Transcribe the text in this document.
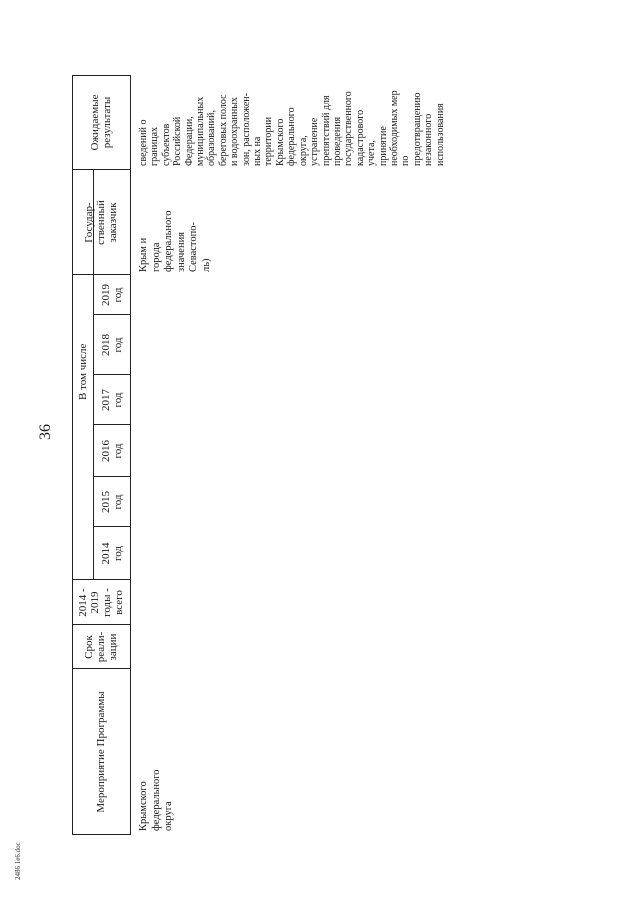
36
2486 1е6.doc
Мероприятие Программы
Срок реали-зации
2014 - 2019 годы - всего
В том числе
2014 год
2015 год
2016 год
2017 год
2018 год
2019 год
Государ-ственный заказчик
Ожидаемые результаты
Крымского
федерального
округа
Крым и
города
федерального
значения
Севастопо-
ль)
сведений о
границах
субъектов
Российской
Федерации,
муниципальных
образований,
береговых полос
и водоохранных
зон, расположен-
ных на
территории
Крымского
федерального
округа,
устранение
препятствий для
проведения
государственного
кадастрового
учета,
принятие
необходимых мер
по
предотвращению
незаконного
использования
